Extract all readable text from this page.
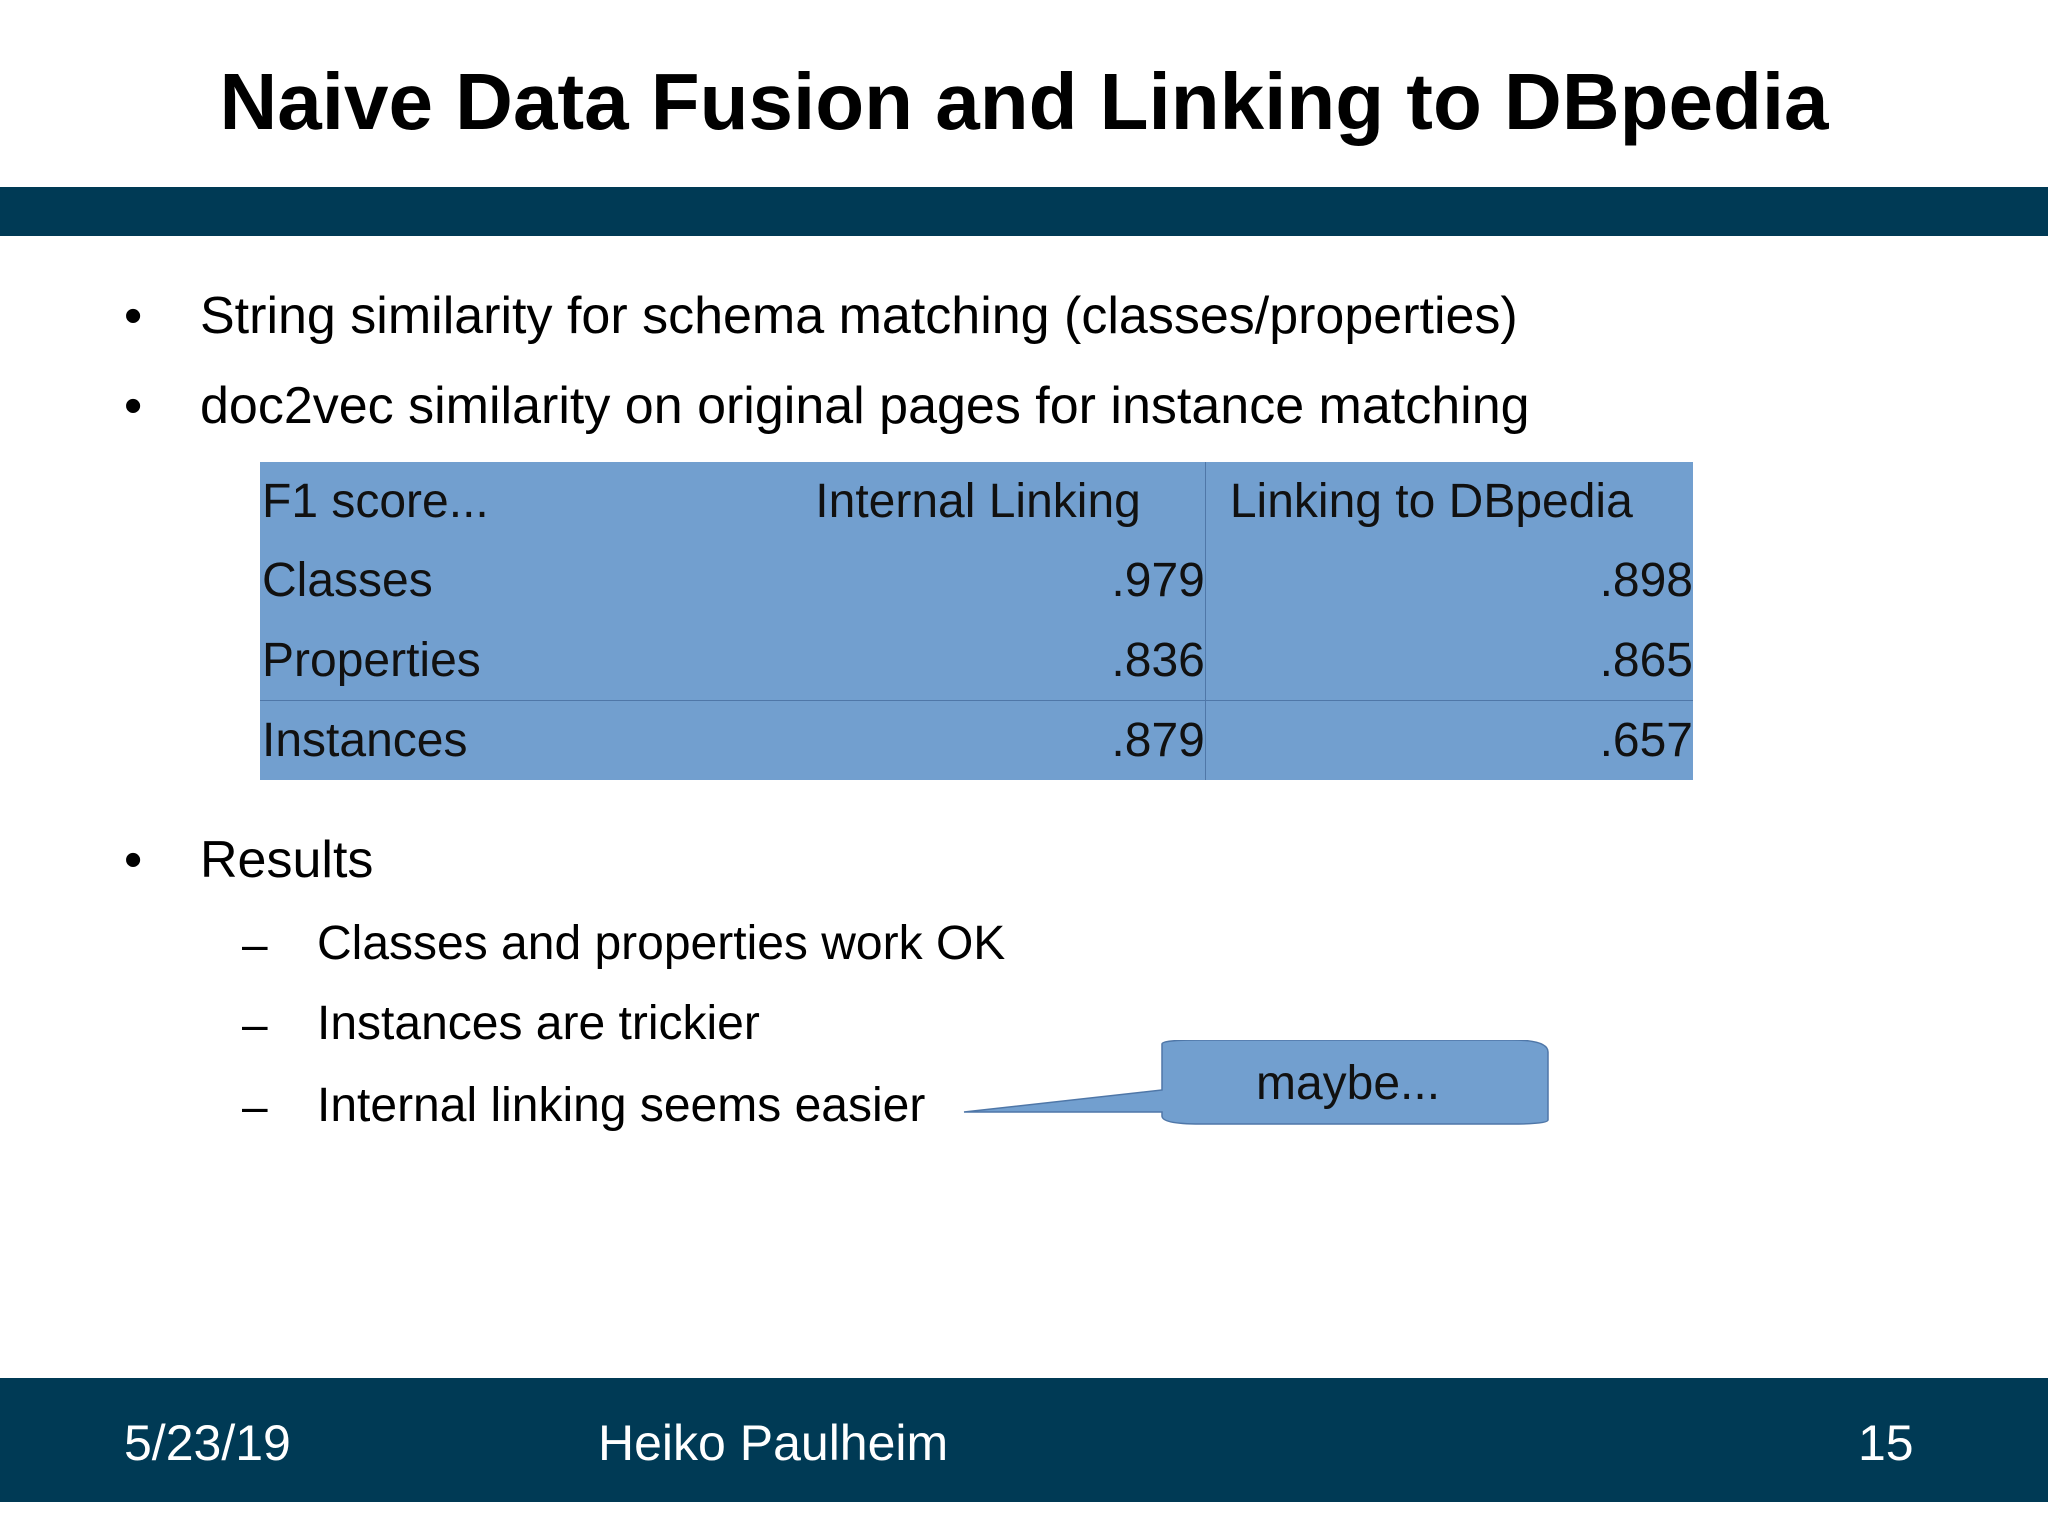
Naive Data Fusion and Linking to DBpedia
• String similarity for schema matching (classes/properties)
• doc2vec similarity on original pages for instance matching
F1 score...	Internal Linking	Linking to DBpedia
Classes	.979	.898
Properties	.836	.865
Instances	.879	.657
• Results
– Classes and properties work OK
– Instances are trickier
– Internal linking seems easier	maybe...
5/23/19	Heiko Paulheim	15
